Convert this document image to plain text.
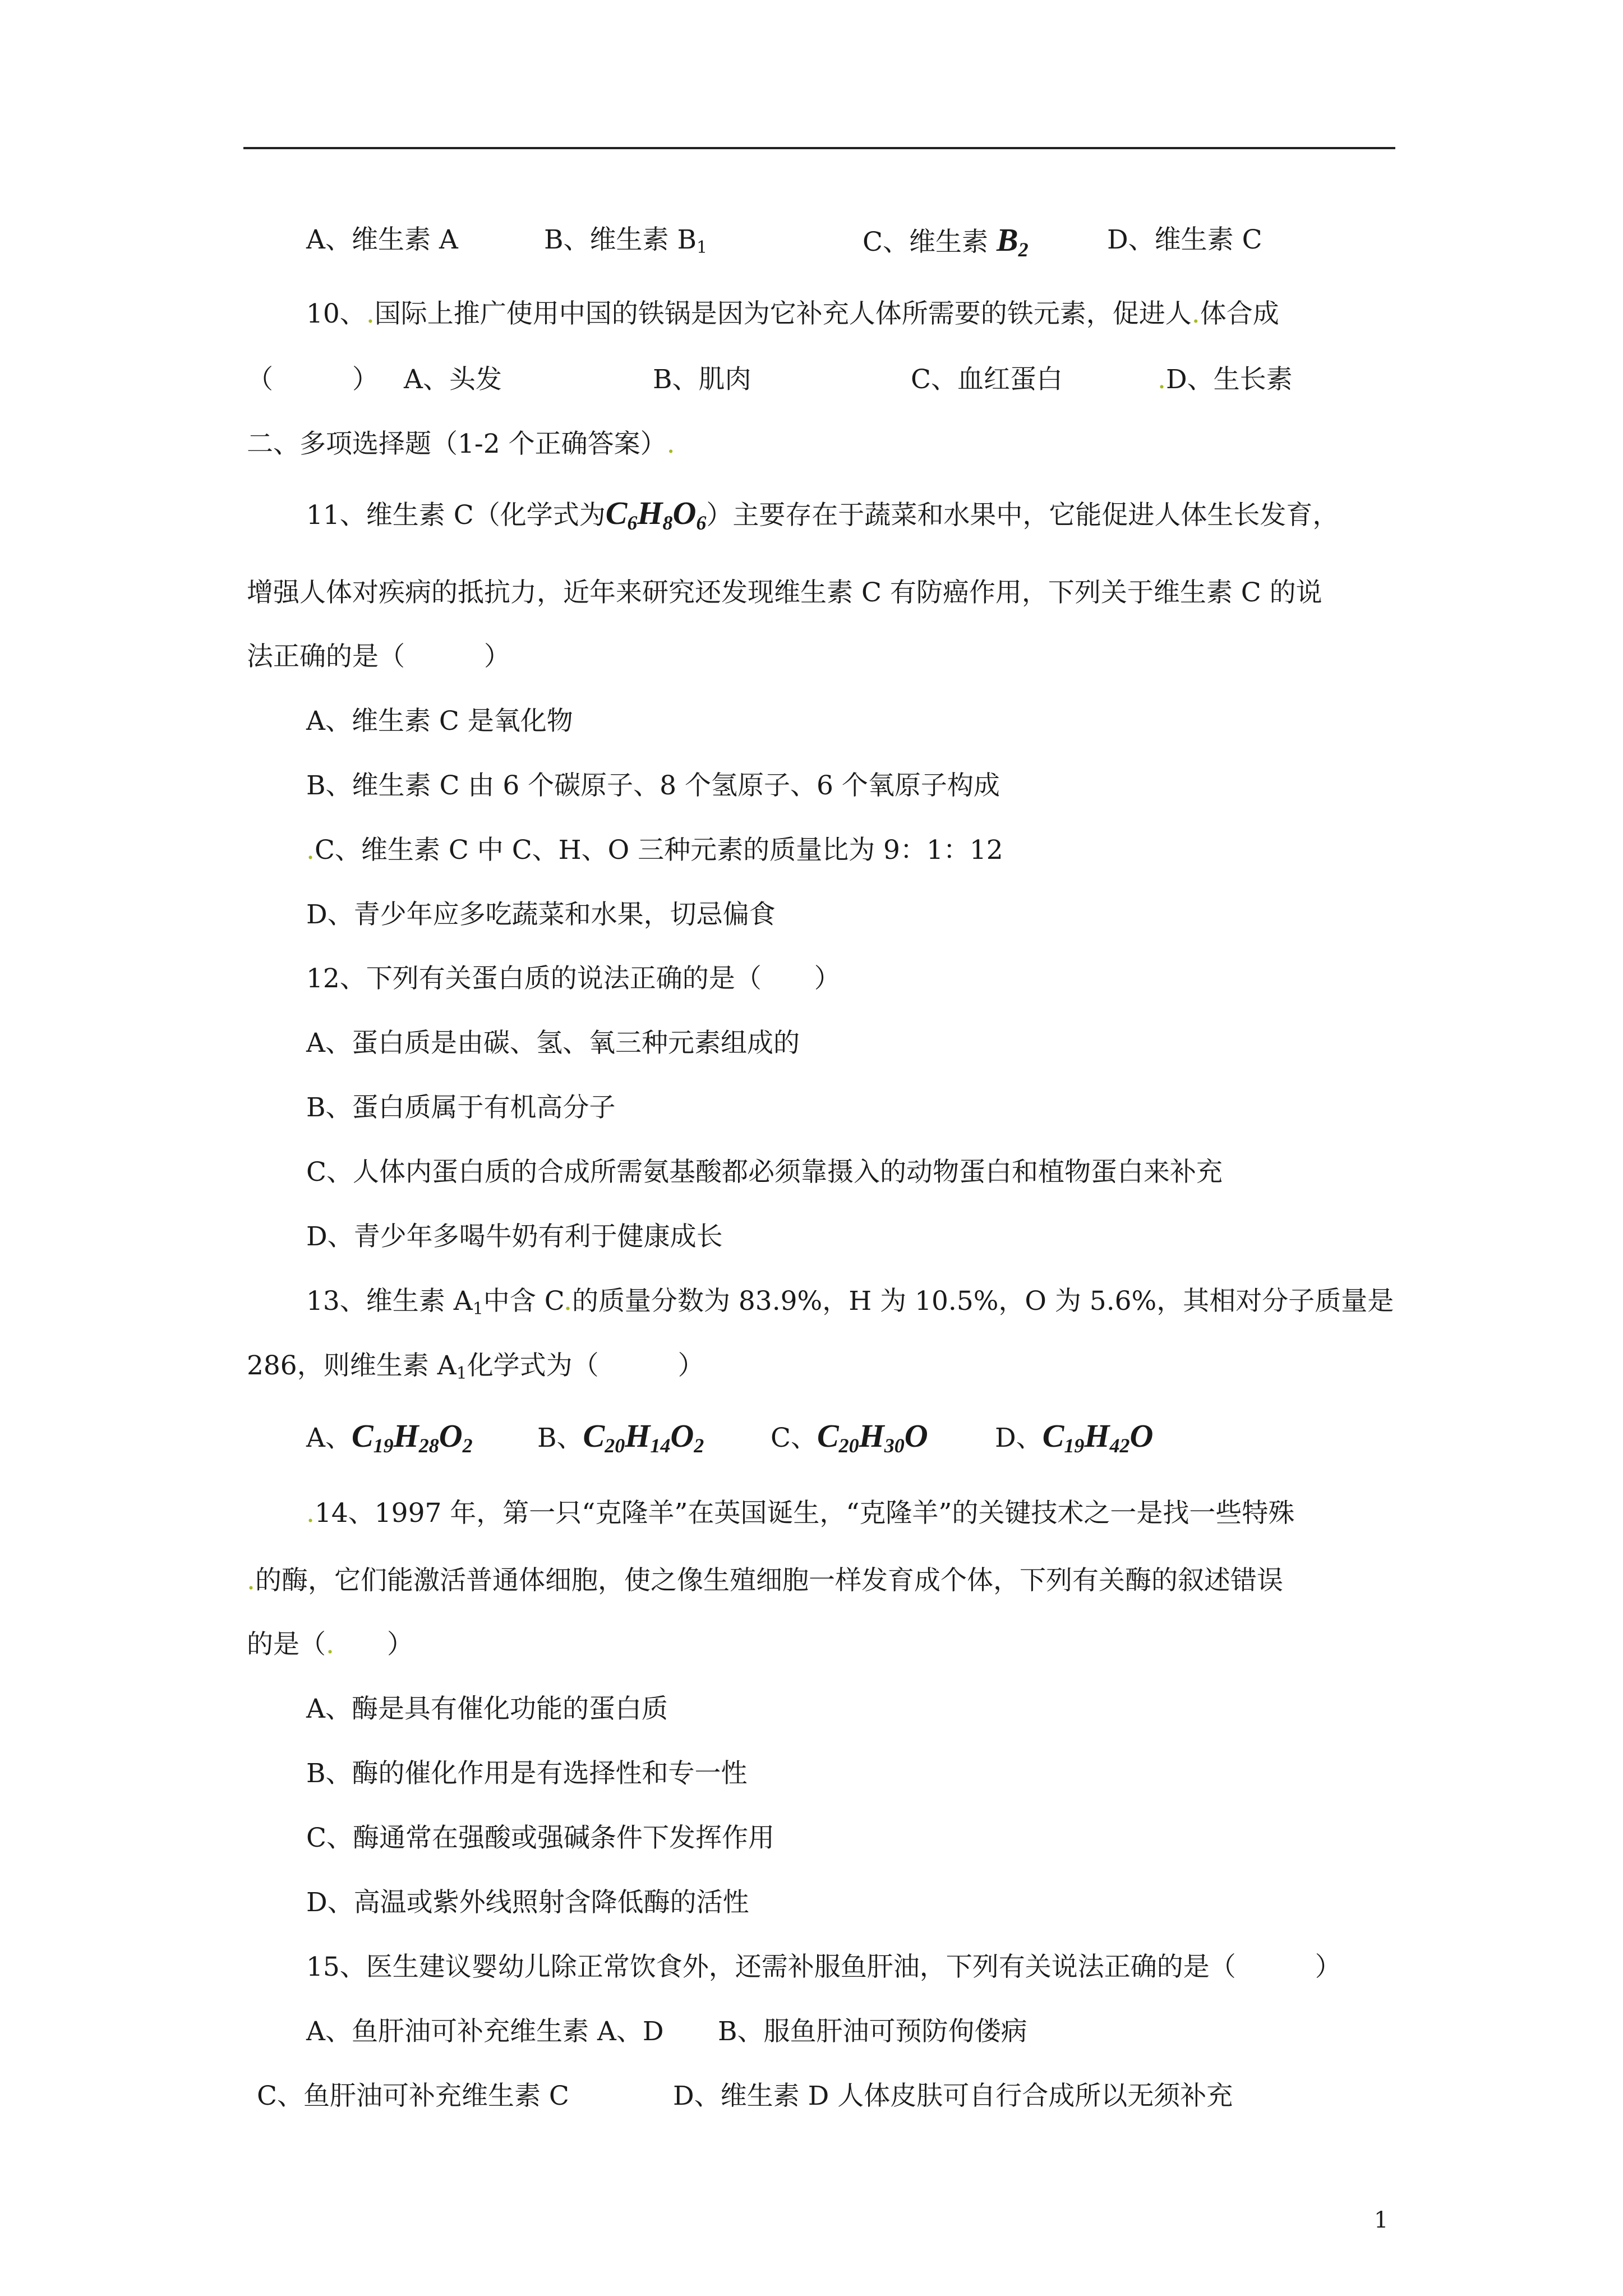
A、维生素 A	B、维生素 $B_1$	C、维生素 $B_2$	D、维生素 C
10、.国际上推广使用中国的铁锅是因为它补充人体所需要的铁元素，促进人.体合成
（　　　） A、头发	B、肌肉	C、血红蛋白	.D、生长素
二、多项选择题（1-2 个正确答案）.
11、维生素 C（化学式为$C_6H_8O_6$）主要存在于蔬菜和水果中，它能促进人体生长发育，
增强人体对疾病的抵抗力，近年来研究还发现维生素 C 有防癌作用，下列关于维生素 C 的说
法正确的是（　　　）
A、维生素 C 是氧化物
B、维生素 C 由 6 个碳原子、8 个氢原子、6 个氧原子构成
.C、维生素 C 中 C、H、O 三种元素的质量比为 9：1：12
D、青少年应多吃蔬菜和水果，切忌偏食
12、下列有关蛋白质的说法正确的是（　　）
A、蛋白质是由碳、氢、氧三种元素组成的
B、蛋白质属于有机高分子
C、人体内蛋白质的合成所需氨基酸都必须靠摄入的动物蛋白和植物蛋白来补充
D、青少年多喝牛奶有利于健康成长
13、维生素 $A_1$中含 C.的质量分数为 83.9%，H 为 10.5%，O 为 5.6%，其相对分子质量是
286，则维生素 $A_1$化学式为（　　　）
A、$C_{19}H_{28}O_2$ B、$C_{20}H_{14}O_2$	C、$C_{20}H_{30}O$	D、$C_{19}H_{42}O$
.14、1997 年，第一只“克隆羊”在英国诞生，“克隆羊”的关键技术之一是找一些特殊
.的酶，它们能激活普通体细胞，使之像生殖细胞一样发育成个体，下列有关酶的叙述错误
的是（.　　）
A、酶是具有催化功能的蛋白质
B、酶的催化作用是有选择性和专一性
C、酶通常在强酸或强碱条件下发挥作用
D、高温或紫外线照射含降低酶的活性
15、医生建议婴幼儿除正常饮食外，还需补服鱼肝油，下列有关说法正确的是（　　　）
A、鱼肝油可补充维生素 A、D B、服鱼肝油可预防佝偻病
C、鱼肝油可补充维生素 C	D、维生素 D 人体皮肤可自行合成所以无须补充
1
